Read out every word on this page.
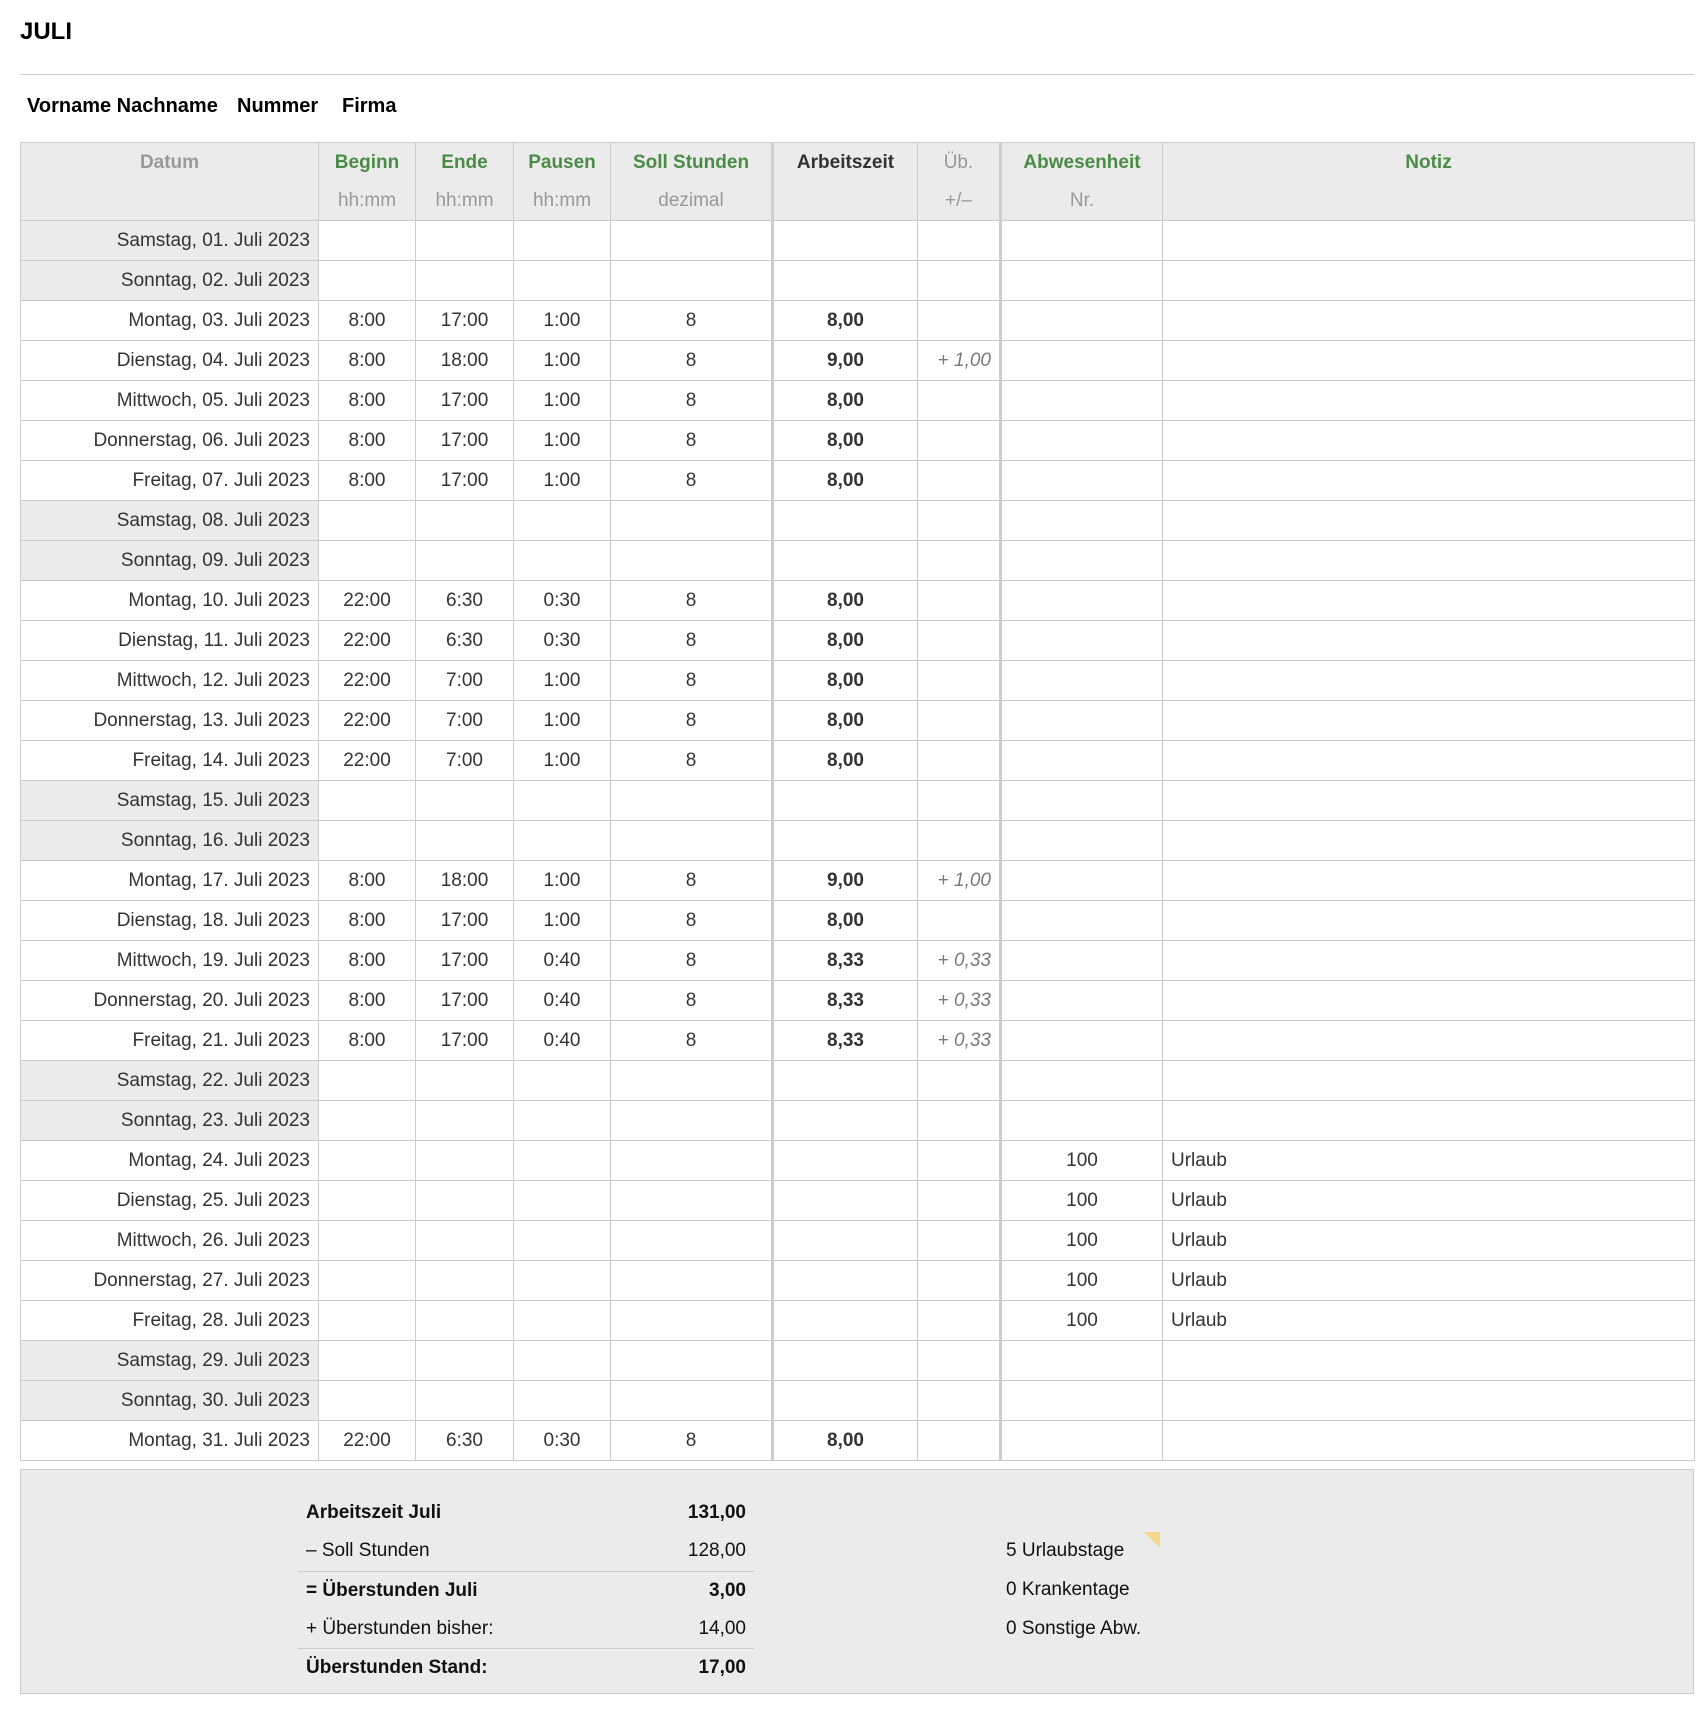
JULI
Vorname Nachname Nummer Firma
Datum	Beginn	Ende	Pausen	Soll Stunden	Arbeitszeit	Üb.	Abwesenheit	Notiz
	hh:mm	hh:mm	hh:mm	dezimal		+/–	Nr.	
Samstag, 01. Juli 2023								
Sonntag, 02. Juli 2023								
Montag, 03. Juli 2023	8:00	17:00	1:00	8	8,00			
Dienstag, 04. Juli 2023	8:00	18:00	1:00	8	9,00	+ 1,00		
Mittwoch, 05. Juli 2023	8:00	17:00	1:00	8	8,00			
Donnerstag, 06. Juli 2023	8:00	17:00	1:00	8	8,00			
Freitag, 07. Juli 2023	8:00	17:00	1:00	8	8,00			
Samstag, 08. Juli 2023								
Sonntag, 09. Juli 2023								
Montag, 10. Juli 2023	22:00	6:30	0:30	8	8,00			
Dienstag, 11. Juli 2023	22:00	6:30	0:30	8	8,00			
Mittwoch, 12. Juli 2023	22:00	7:00	1:00	8	8,00			
Donnerstag, 13. Juli 2023	22:00	7:00	1:00	8	8,00			
Freitag, 14. Juli 2023	22:00	7:00	1:00	8	8,00			
Samstag, 15. Juli 2023								
Sonntag, 16. Juli 2023								
Montag, 17. Juli 2023	8:00	18:00	1:00	8	9,00	+ 1,00		
Dienstag, 18. Juli 2023	8:00	17:00	1:00	8	8,00			
Mittwoch, 19. Juli 2023	8:00	17:00	0:40	8	8,33	+ 0,33		
Donnerstag, 20. Juli 2023	8:00	17:00	0:40	8	8,33	+ 0,33		
Freitag, 21. Juli 2023	8:00	17:00	0:40	8	8,33	+ 0,33		
Samstag, 22. Juli 2023								
Sonntag, 23. Juli 2023								
Montag, 24. Juli 2023							100	Urlaub
Dienstag, 25. Juli 2023							100	Urlaub
Mittwoch, 26. Juli 2023							100	Urlaub
Donnerstag, 27. Juli 2023							100	Urlaub
Freitag, 28. Juli 2023							100	Urlaub
Samstag, 29. Juli 2023								
Sonntag, 30. Juli 2023								
Montag, 31. Juli 2023	22:00	6:30	0:30	8	8,00			
Arbeitszeit Juli	131,00
– Soll Stunden	128,00
= Überstunden Juli	3,00
+ Überstunden bisher:	14,00
Überstunden Stand:	17,00
5 Urlaubstage
0 Krankentage
0 Sonstige Abw.
